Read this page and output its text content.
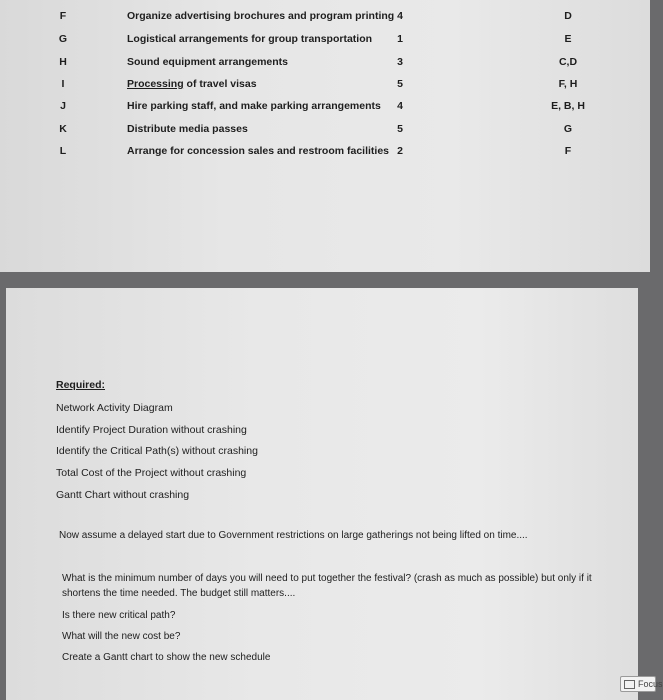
F	Organize advertising brochures and program printing 4	D
G	Logistical arrangements for group transportation	1	E
H	Sound equipment arrangements	3	C,D
I	Processing of travel visas	5	F, H
J	Hire parking staff, and make parking arrangements	4	E, B, H
K	Distribute media passes	5	G
L	Arrange for concession sales and restroom facilities 2	F
Required:
Network Activity Diagram
Identify Project Duration without crashing
Identify the Critical Path(s) without crashing
Total Cost of the Project without crashing
Gantt Chart without crashing
Now assume a delayed start due to Government restrictions on large gatherings not being lifted on time....
What is the minimum number of days you will need to put together the festival? (crash as much as possible) but only if it
shortens the time needed. The budget still matters....
Is there new critical path?
What will the new cost be?
Create a Gantt chart to show the new schedule
Focus
